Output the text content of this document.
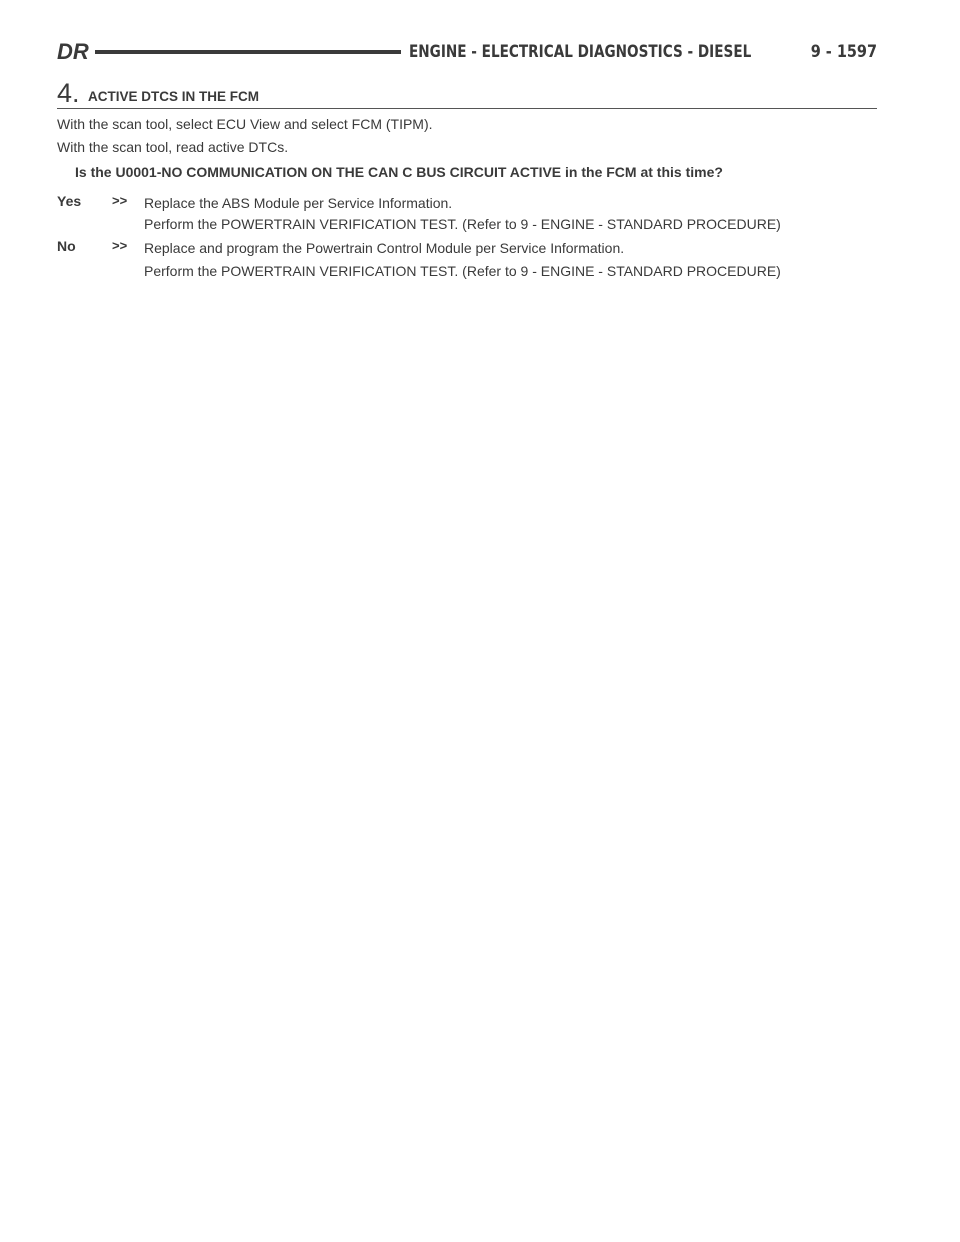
DR	ENGINE - ELECTRICAL DIAGNOSTICS - DIESEL	9 - 1597
4. ACTIVE DTCS IN THE FCM
With the scan tool, select ECU View and select FCM (TIPM).
With the scan tool, read active DTCs.
Is the U0001-NO COMMUNICATION ON THE CAN C BUS CIRCUIT ACTIVE in the FCM at this time?
Yes >> Replace the ABS Module per Service Information.
Perform the POWERTRAIN VERIFICATION TEST. (Refer to 9 - ENGINE - STANDARD PROCEDURE)
No	>> Replace and program the Powertrain Control Module per Service Information.
Perform the POWERTRAIN VERIFICATION TEST. (Refer to 9 - ENGINE - STANDARD PROCEDURE)
